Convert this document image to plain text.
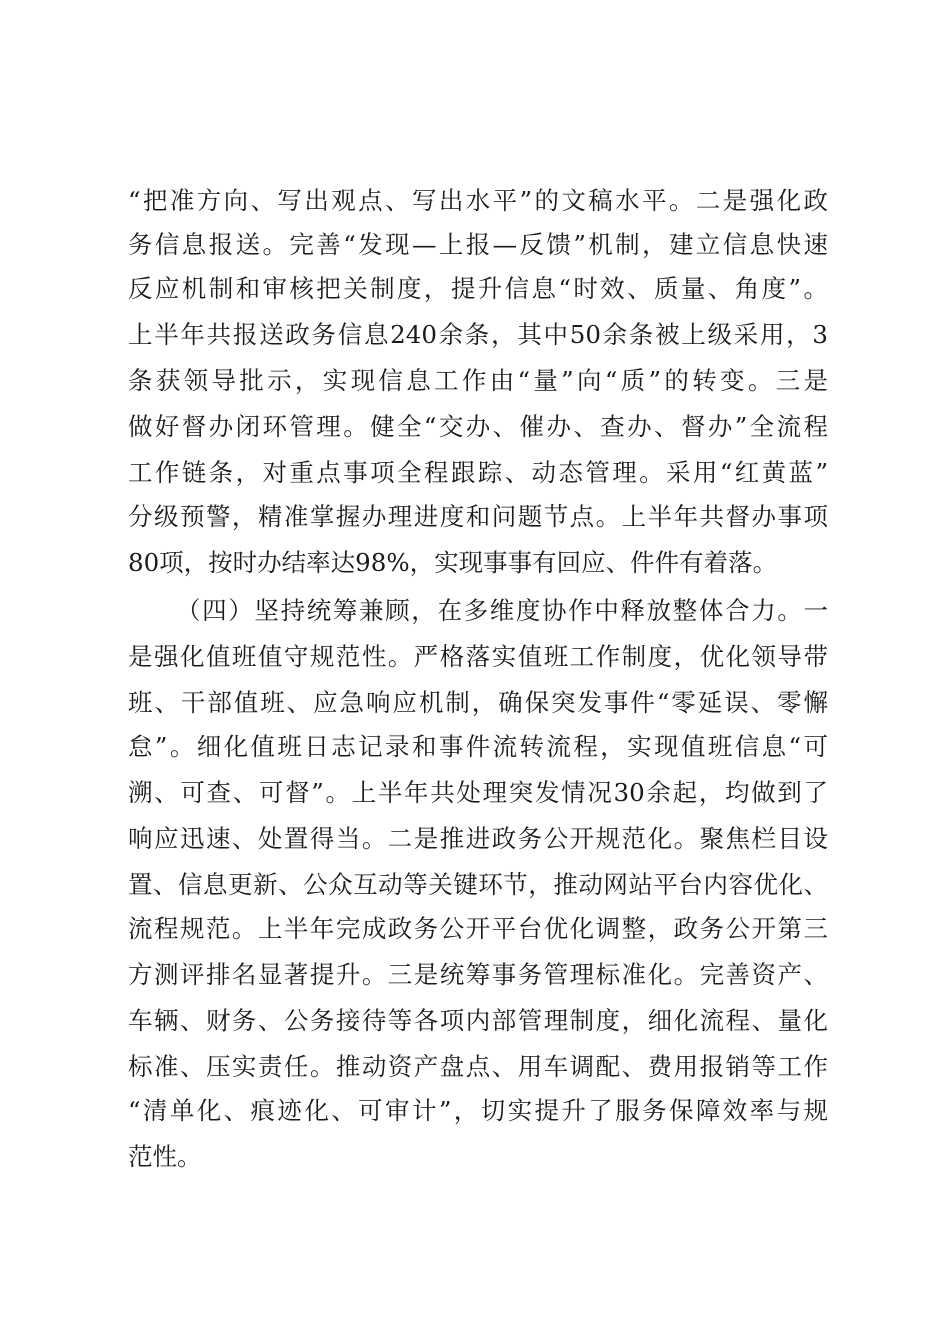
“把准方向、写出观点、写出水平”的文稿水平。二是强化政
务信息报送。完善“发现—上报—反馈”机制，建立信息快速
反应机制和审核把关制度，提升信息“时效、质量、角度”。
上半年共报送政务信息240余条，其中50余条被上级采用，3
条获领导批示，实现信息工作由“量”向“质”的转变。三是
做好督办闭环管理。健全“交办、催办、查办、督办”全流程
工作链条，对重点事项全程跟踪、动态管理。采用“红黄蓝”
分级预警，精准掌握办理进度和问题节点。上半年共督办事项
80项，按时办结率达98%，实现事事有回应、件件有着落。
（四）坚持统筹兼顾，在多维度协作中释放整体合力。一
是强化值班值守规范性。严格落实值班工作制度，优化领导带
班、干部值班、应急响应机制，确保突发事件“零延误、零懈
怠”。细化值班日志记录和事件流转流程，实现值班信息“可
溯、可查、可督”。上半年共处理突发情况30余起，均做到了
响应迅速、处置得当。二是推进政务公开规范化。聚焦栏目设
置、信息更新、公众互动等关键环节，推动网站平台内容优化、
流程规范。上半年完成政务公开平台优化调整，政务公开第三
方测评排名显著提升。三是统筹事务管理标准化。完善资产、
车辆、财务、公务接待等各项内部管理制度，细化流程、量化
标准、压实责任。推动资产盘点、用车调配、费用报销等工作
“清单化、痕迹化、可审计”，切实提升了服务保障效率与规
范性。
